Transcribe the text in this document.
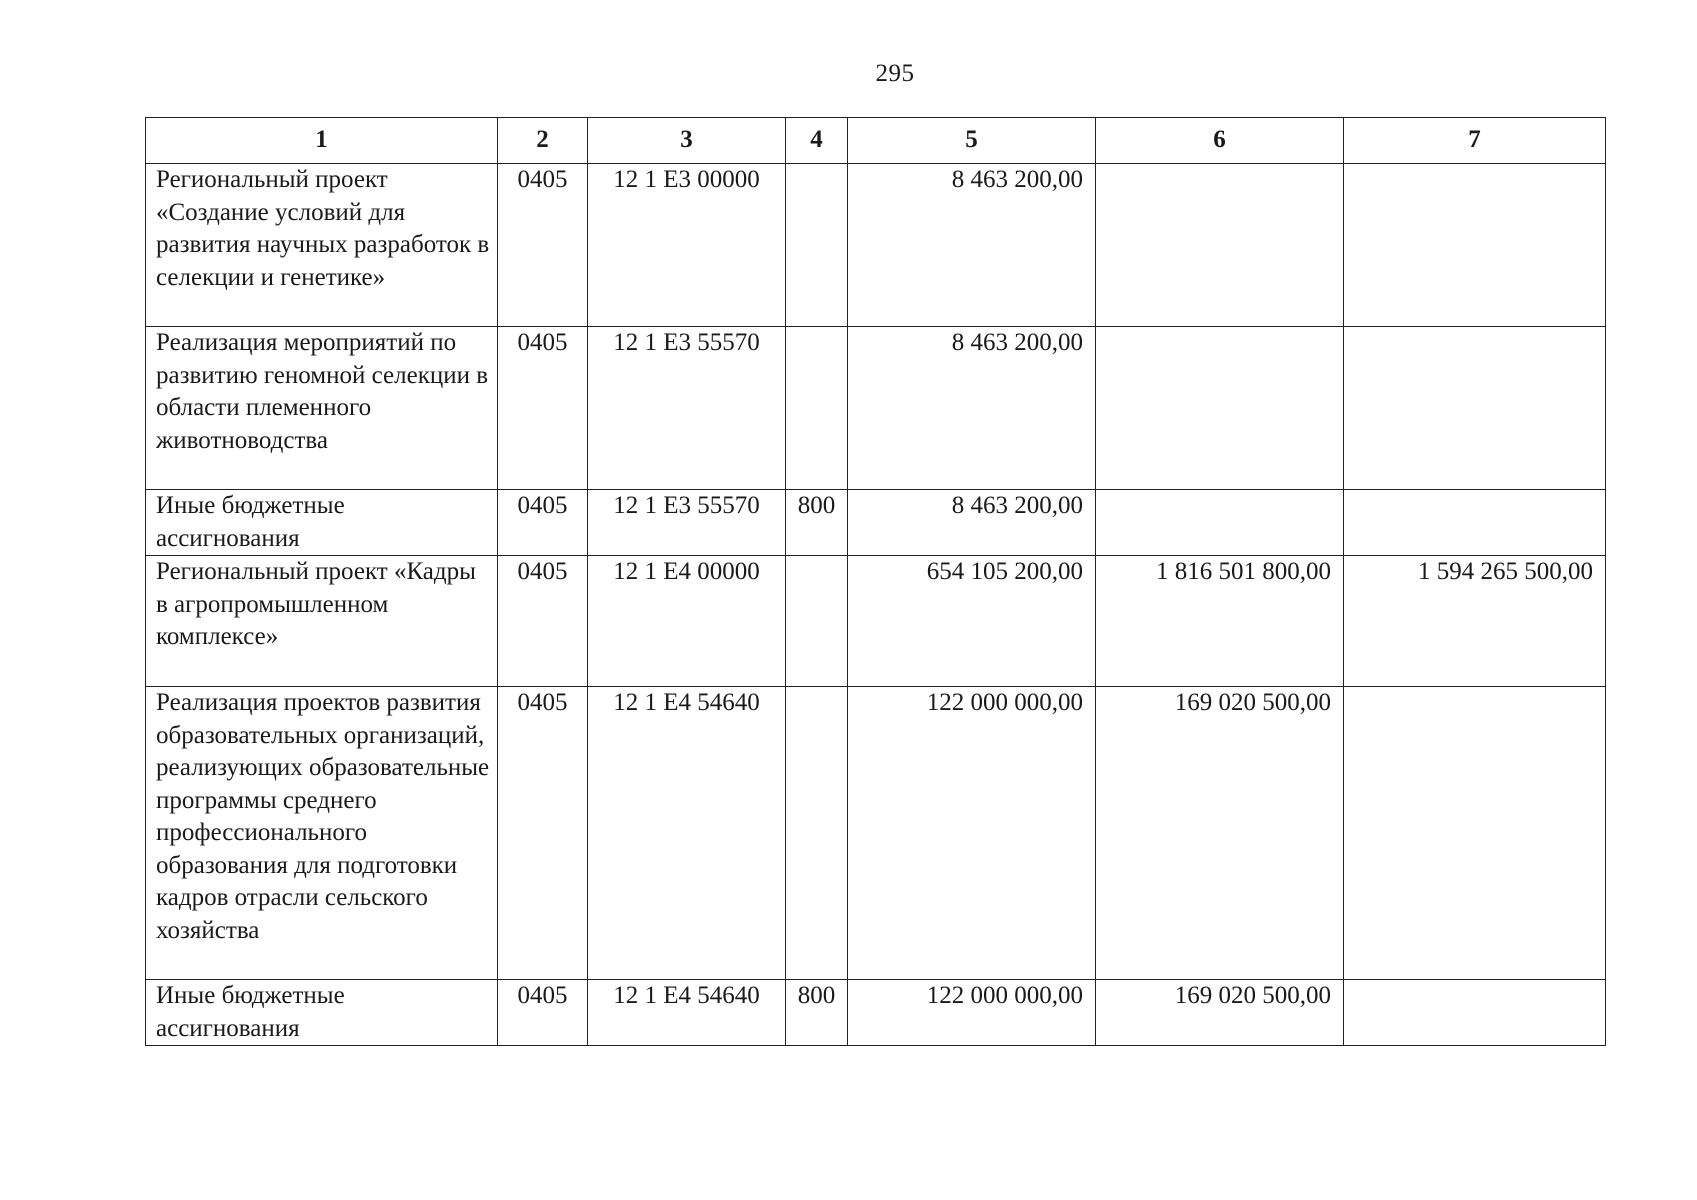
295
1	2	3	4	5	6	7
Региональный проект «Создание условий для развития научных разработок в селекции и генетике»	0405	12 1 E3 00000		8 463 200,00		
Реализация мероприятий по развитию геномной селекции в области племенного животноводства	0405	12 1 E3 55570		8 463 200,00		
Иные бюджетные ассигнования	0405	12 1 E3 55570	800	8 463 200,00		
Региональный проект «Кадры в агропромышленном комплексе»	0405	12 1 E4 00000		654 105 200,00	1 816 501 800,00	1 594 265 500,00
Реализация проектов развития образовательных организаций, реализующих образовательные программы среднего профессионального образования для подготовки кадров отрасли сельского хозяйства	0405	12 1 E4 54640		122 000 000,00	169 020 500,00	
Иные бюджетные ассигнования	0405	12 1 E4 54640	800	122 000 000,00	169 020 500,00	
